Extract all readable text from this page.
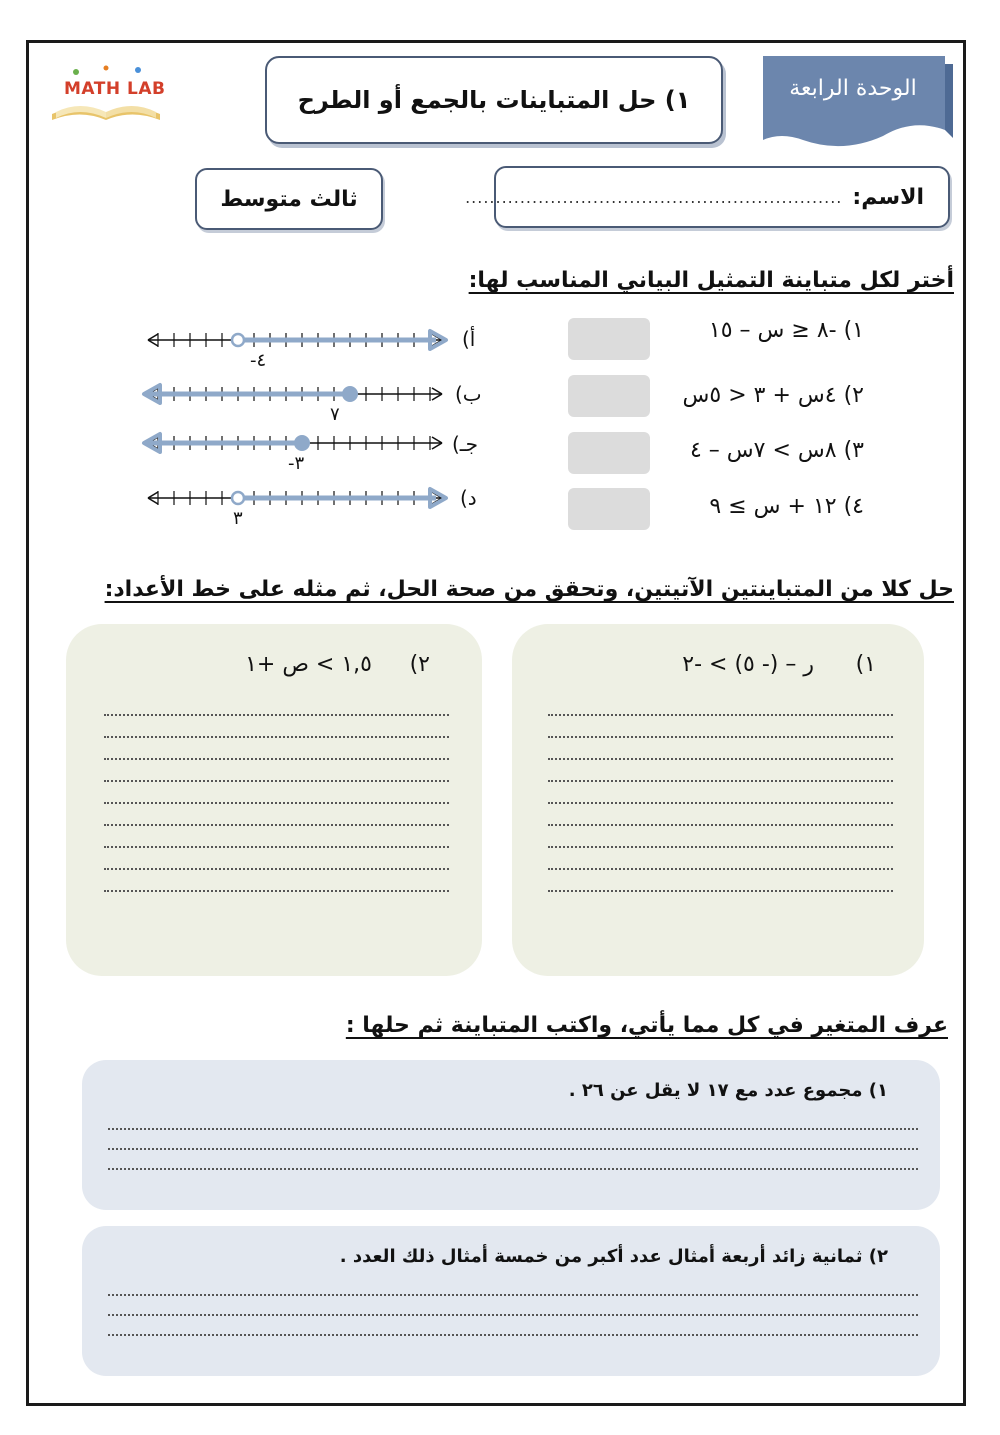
MATH LAB	١) حل المتباينات بالجمع أو الطرح	الوحدة الرابعة
الاسم:
..............................................................
ثالث متوسط
أختر لكل متباينة التمثيل البياني المناسب لها:
١) -٨ ≤ س – ١٥
٢) ٤س + ٣ < ٥س
٣) ٨س > ٧س – ٤
٤) ١٢ + س ≥ ٩
أ)
ب)
جـ)
د)
٤-
٧
٣-
٣
حل كلا من المتباينتين الآتيتين، وتحقق من صحة الحل، ثم مثله على خط الأعداد:
١)
ر – (- ٥) > -٢
٢)
١,٥ > ص +١
عرف المتغير في كل مما يأتي، واكتب المتباينة ثم حلها :
١) مجموع عدد مع ١٧ لا يقل عن ٢٦ .
٢) ثمانية زائد أربعة أمثال عدد أكبر من خمسة أمثال ذلك العدد .
